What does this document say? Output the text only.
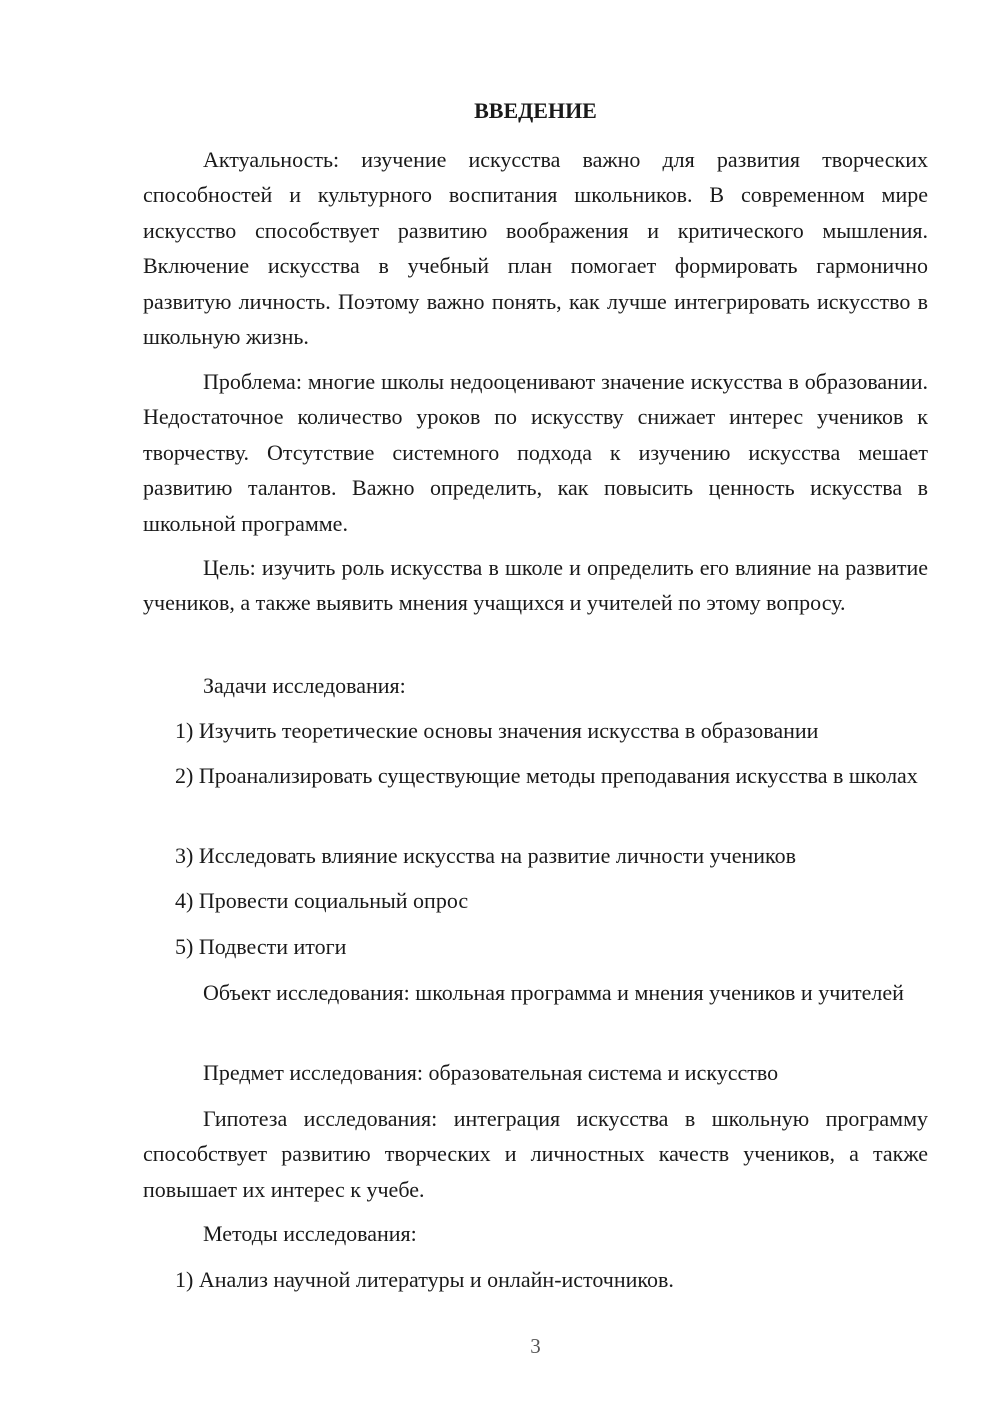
ВВЕДЕНИЕ

Актуальность: изучение искусства важно для развития творческих способностей и культурного воспитания школьников. В современном мире искусство способствует развитию воображения и критического мышления. Включение искусства в учебный план помогает формировать гармонично развитую личность. Поэтому важно понять, как лучше интегрировать искусство в школьную жизнь.

Проблема: многие школы недооценивают значение искусства в образовании. Недостаточное количество уроков по искусству снижает интерес учеников к творчеству. Отсутствие системного подхода к изучению искусства мешает развитию талантов. Важно определить, как повысить ценность искусства в школьной программе.

Цель: изучить роль искусства в школе и определить его влияние на развитие учеников, а также выявить мнения учащихся и учителей по этому вопросу.

Задачи исследования:

1) Изучить теоретические основы значения искусства в образовании

2) Проанализировать существующие методы преподавания искусства в школах

3) Исследовать влияние искусства на развитие личности учеников

4) Провести социальный опрос

5) Подвести итоги

Объект исследования: школьная программа и мнения учеников и учителей

Предмет исследования: образовательная система и искусство

Гипотеза исследования: интеграция искусства в школьную программу способствует развитию творческих и личностных качеств учеников, а также повышает их интерес к учебе.

Методы исследования:

1) Анализ научной литературы и онлайн-источников.

3
